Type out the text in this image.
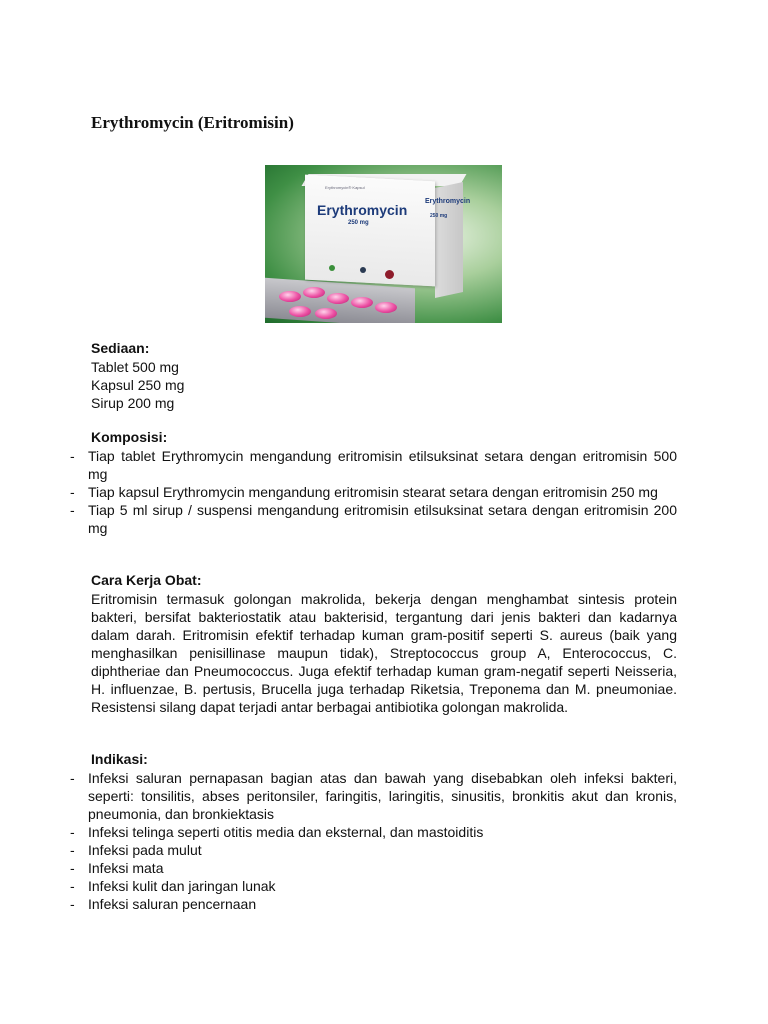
Erythromycin (Eritromisin)
Erythromycin® Kapsul
Erythromycin
250 mg
Erythromycin
250 mg
Sediaan:
Tablet 500 mg
Kapsul 250 mg
Sirup 200 mg
Komposisi:
- Tiap tablet Erythromycin mengandung eritromisin etilsuksinat setara dengan eritromisin 500 mg
- Tiap kapsul Erythromycin mengandung eritromisin stearat setara dengan eritromisin 250 mg
- Tiap 5 ml sirup / suspensi mengandung eritromisin etilsuksinat setara dengan eritromisin 200 mg
Cara Kerja Obat:
Eritromisin termasuk golongan makrolida, bekerja dengan menghambat sintesis protein bakteri, bersifat bakteriostatik atau bakterisid, tergantung dari jenis bakteri dan kadarnya dalam darah. Eritromisin efektif terhadap kuman gram-positif seperti S. aureus (baik yang menghasilkan penisillinase maupun tidak), Streptococcus group A, Enterococcus, C. diphtheriae dan Pneumococcus. Juga efektif terhadap kuman gram-negatif seperti Neisseria, H. influenzae, B. pertusis, Brucella juga terhadap Riketsia, Treponema dan M. pneumoniae. Resistensi silang dapat terjadi antar berbagai antibiotika golongan makrolida.
Indikasi:
- Infeksi saluran pernapasan bagian atas dan bawah yang disebabkan oleh infeksi bakteri, seperti: tonsilitis, abses peritonsiler, faringitis, laringitis, sinusitis, bronkitis akut dan kronis, pneumonia, dan bronkiektasis
- Infeksi telinga seperti otitis media dan eksternal, dan mastoiditis
- Infeksi pada mulut
- Infeksi mata
- Infeksi kulit dan jaringan lunak
- Infeksi saluran pencernaan
